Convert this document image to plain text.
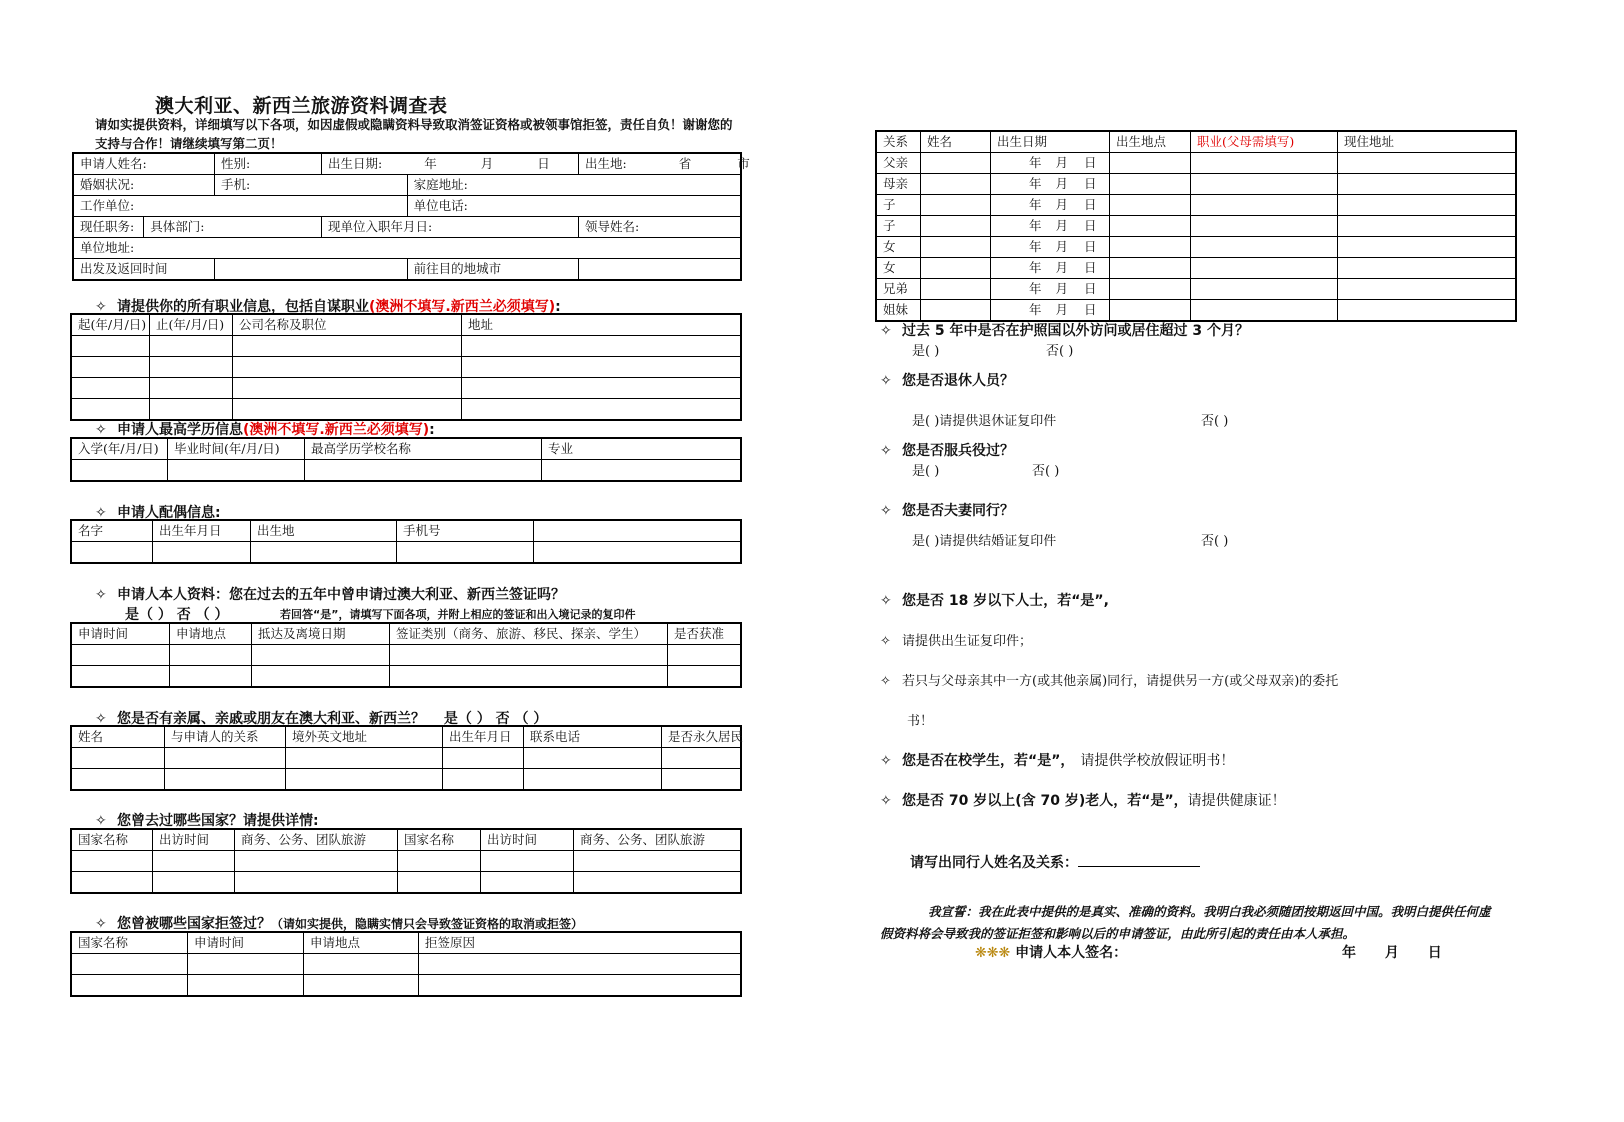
澳大利亚、新西兰旅游资料调查表
请如实提供资料，详细填写以下各项，如因虚假或隐瞒资料导致取消签证资格或被领事馆拒签，责任自负！谢谢您的支持与合作！请继续填写第二页！
申请人姓名:		性别:	出生日期: 年 月 日		出生地: 省 市
婚姻状况:		手机:		家庭地址:	
工作单位:				单位电话:	
现任职务:	具体部门:		现单位入职年月日:		领导姓名:
单位地址:					
出发及返回时间				前往目的地城市	
✧ 请提供你的所有职业信息，包括自谋职业(澳洲不填写.新西兰必须填写):
起(年/月/日)	止(年/月/日)	公司名称及职位	地址

✧ 申请人最高学历信息(澳洲不填写.新西兰必须填写):
入学(年/月/日)	毕业时间(年/月/日)	最高学历学校名称	专业

✧ 申请人配偶信息:
名字	出生年月日	出生地	手机号	

✧ 申请人本人资料：您在过去的五年中曾申请过澳大利亚、新西兰签证吗？
是（ ） 否 （ ）	若回答“是”，请填写下面各项，并附上相应的签证和出入境记录的复印件
申请时间	申请地点	抵达及离境日期	签证类别（商务、旅游、移民、探亲、学生）	是否获准

✧ 您是否有亲属、亲戚或朋友在澳大利亚、新西兰？ 是（ ） 否 （ ）
姓名	与申请人的关系	境外英文地址	出生年月日	联系电话	是否永久居民

✧ 您曾去过哪些国家？请提供详情:
国家名称	出访时间	商务、公务、团队旅游	国家名称	出访时间	商务、公务、团队旅游

✧ 您曾被哪些国家拒签过？（请如实提供，隐瞒实情只会导致签证资格的取消或拒签）
国家名称	申请时间	申请地点	拒签原因

关系	姓名	出生日期	出生地点	职业(父母需填写)	现住地址
父亲		年 月 日			
母亲		年 月 日			
子		年 月 日			
子		年 月 日			
女		年 月 日			
女		年 月 日			
兄弟		年 月 日			
姐妹		年 月 日			
✧ 过去 5 年中是否在护照国以外访问或居住超过 3 个月？
是( )	否( )
✧ 您是否退休人员？
是( )请提供退休证复印件	否( )
✧ 您是否服兵役过？
是( )	否( )
✧ 您是否夫妻同行？
是( )请提供结婚证复印件	否( )
✧ 您是否 18 岁以下人士，若“是”,
✧ 请提供出生证复印件；
✧ 若只与父母亲其中一方(或其他亲属)同行，请提供另一方(或父母双亲)的委托
书！
✧ 您是否在校学生，若“是”， 请提供学校放假证明书！
✧ 您是否 70 岁以上(含 70 岁)老人，若“是”，请提供健康证！
请写出同行人姓名及关系：
我宣誓：我在此表中提供的是真实、准确的资料。我明白我必须随团按期返回中国。我明白提供任何虚假资料将会导致我的签证拒签和影响以后的申请签证，由此所引起的责任由本人承担。
❋❋❋ 申请人本人签名：	年 月 日
